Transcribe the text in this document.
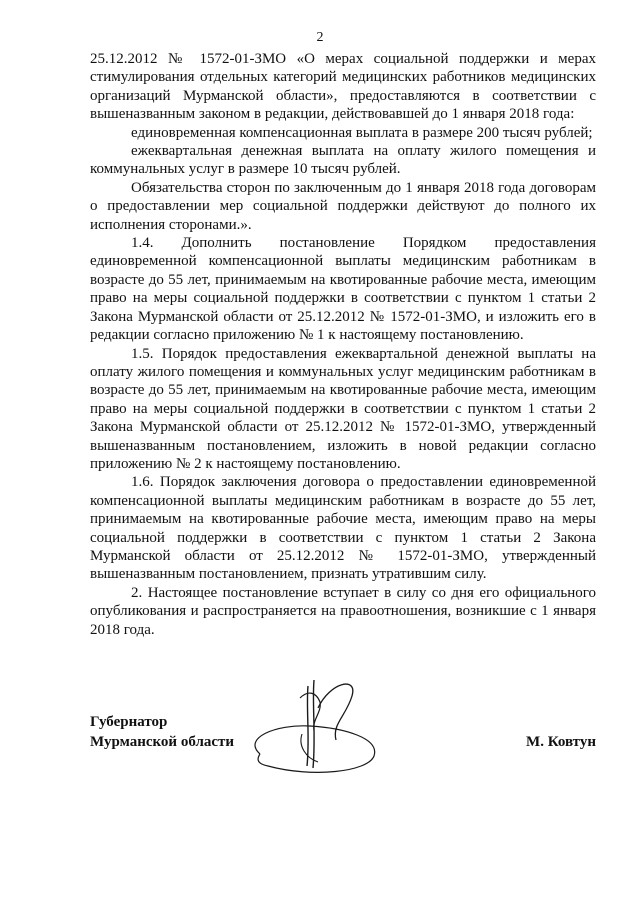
2

25.12.2012 № 1572-01-ЗМО «О мерах социальной поддержки и мерах стимулирования отдельных категорий медицинских работников медицинских организаций Мурманской области», предоставляются в соответствии с вышеназванным законом в редакции, действовавшей до 1 января 2018 года:

единовременная компенсационная выплата в размере 200 тысяч рублей;

ежеквартальная денежная выплата на оплату жилого помещения и коммунальных услуг в размере 10 тысяч рублей.

Обязательства сторон по заключенным до 1 января 2018 года договорам о предоставлении мер социальной поддержки действуют до полного их исполнения сторонами.».

1.4. Дополнить постановление Порядком предоставления единовременной компенсационной выплаты медицинским работникам в возрасте до 55 лет, принимаемым на квотированные рабочие места, имеющим право на меры социальной поддержки в соответствии с пунктом 1 статьи 2 Закона Мурманской области от 25.12.2012 № 1572-01-ЗМО, и изложить его в редакции согласно приложению № 1 к настоящему постановлению.

1.5. Порядок предоставления ежеквартальной денежной выплаты на оплату жилого помещения и коммунальных услуг медицинским работникам в возрасте до 55 лет, принимаемым на квотированные рабочие места, имеющим право на меры социальной поддержки в соответствии с пунктом 1 статьи 2 Закона Мурманской области от 25.12.2012 № 1572-01-ЗМО, утвержденный вышеназванным постановлением, изложить в новой редакции согласно приложению № 2 к настоящему постановлению.

1.6. Порядок заключения договора о предоставлении единовременной компенсационной выплаты медицинским работникам в возрасте до 55 лет, принимаемым на квотированные рабочие места, имеющим право на меры социальной поддержки в соответствии с пунктом 1 статьи 2 Закона Мурманской области от 25.12.2012 № 1572-01-ЗМО, утвержденный вышеназванным постановлением, признать утратившим силу.

2. Настоящее постановление вступает в силу со дня его официального опубликования и распространяется на правоотношения, возникшие с 1 января 2018 года.

Губернатор
Мурманской области	М. Ковтун
